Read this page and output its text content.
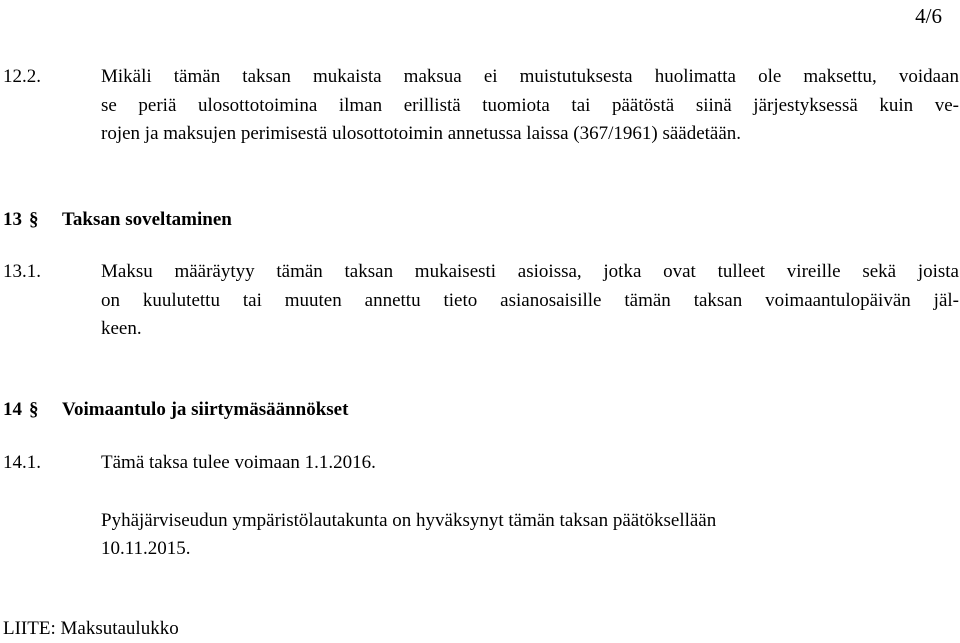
4/6
12.2.	Mikäli tämän taksan mukaista maksua ei muistutuksesta huolimatta ole maksettu, voidaan
se periä ulosottotoimina ilman erillistä tuomiota tai päätöstä siinä järjestyksessä kuin ve-
rojen ja maksujen perimisestä ulosottotoimin annetussa laissa (367/1961) säädetään.
13 § Taksan soveltaminen
13.1.	Maksu määräytyy tämän taksan mukaisesti asioissa, jotka ovat tulleet vireille sekä joista
on kuulutettu tai muuten annettu tieto asianosaisille tämän taksan voimaantulopäivän jäl-
keen.
14 § Voimaantulo ja siirtymäsäännökset
14.1.	Tämä taksa tulee voimaan 1.1.2016.
Pyhäjärviseudun ympäristölautakunta on hyväksynyt tämän taksan päätöksellään
10.11.2015.
LIITE: Maksutaulukko
